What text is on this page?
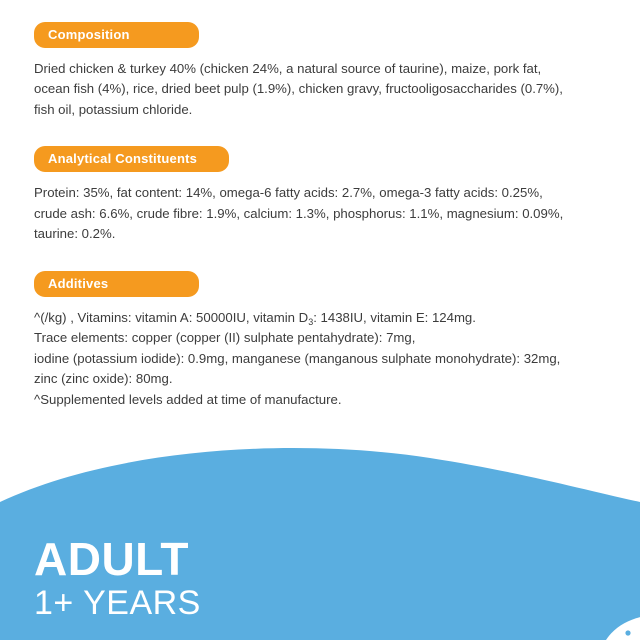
Composition
Dried chicken & turkey 40% (chicken 24%, a natural source of taurine), maize, pork fat,
ocean fish (4%), rice, dried beet pulp (1.9%), chicken gravy, fructooligosaccharides (0.7%),
fish oil, potassium chloride.
Analytical Constituents
Protein: 35%, fat content: 14%, omega-6 fatty acids: 2.7%, omega-3 fatty acids: 0.25%,
crude ash: 6.6%, crude fibre: 1.9%, calcium: 1.3%, phosphorus: 1.1%, magnesium: 0.09%,
taurine: 0.2%.
Additives
^(/kg) , Vitamins: vitamin A: 50000IU, vitamin $D_3$: 1438IU, vitamin E: 124mg.
Trace elements: copper (copper (II) sulphate pentahydrate): 7mg,
iodine (potassium iodide): 0.9mg, manganese (manganous sulphate monohydrate): 32mg,
zinc (zinc oxide): 80mg.
^Supplemented levels added at time of manufacture.
ADULT
1+ YEARS
